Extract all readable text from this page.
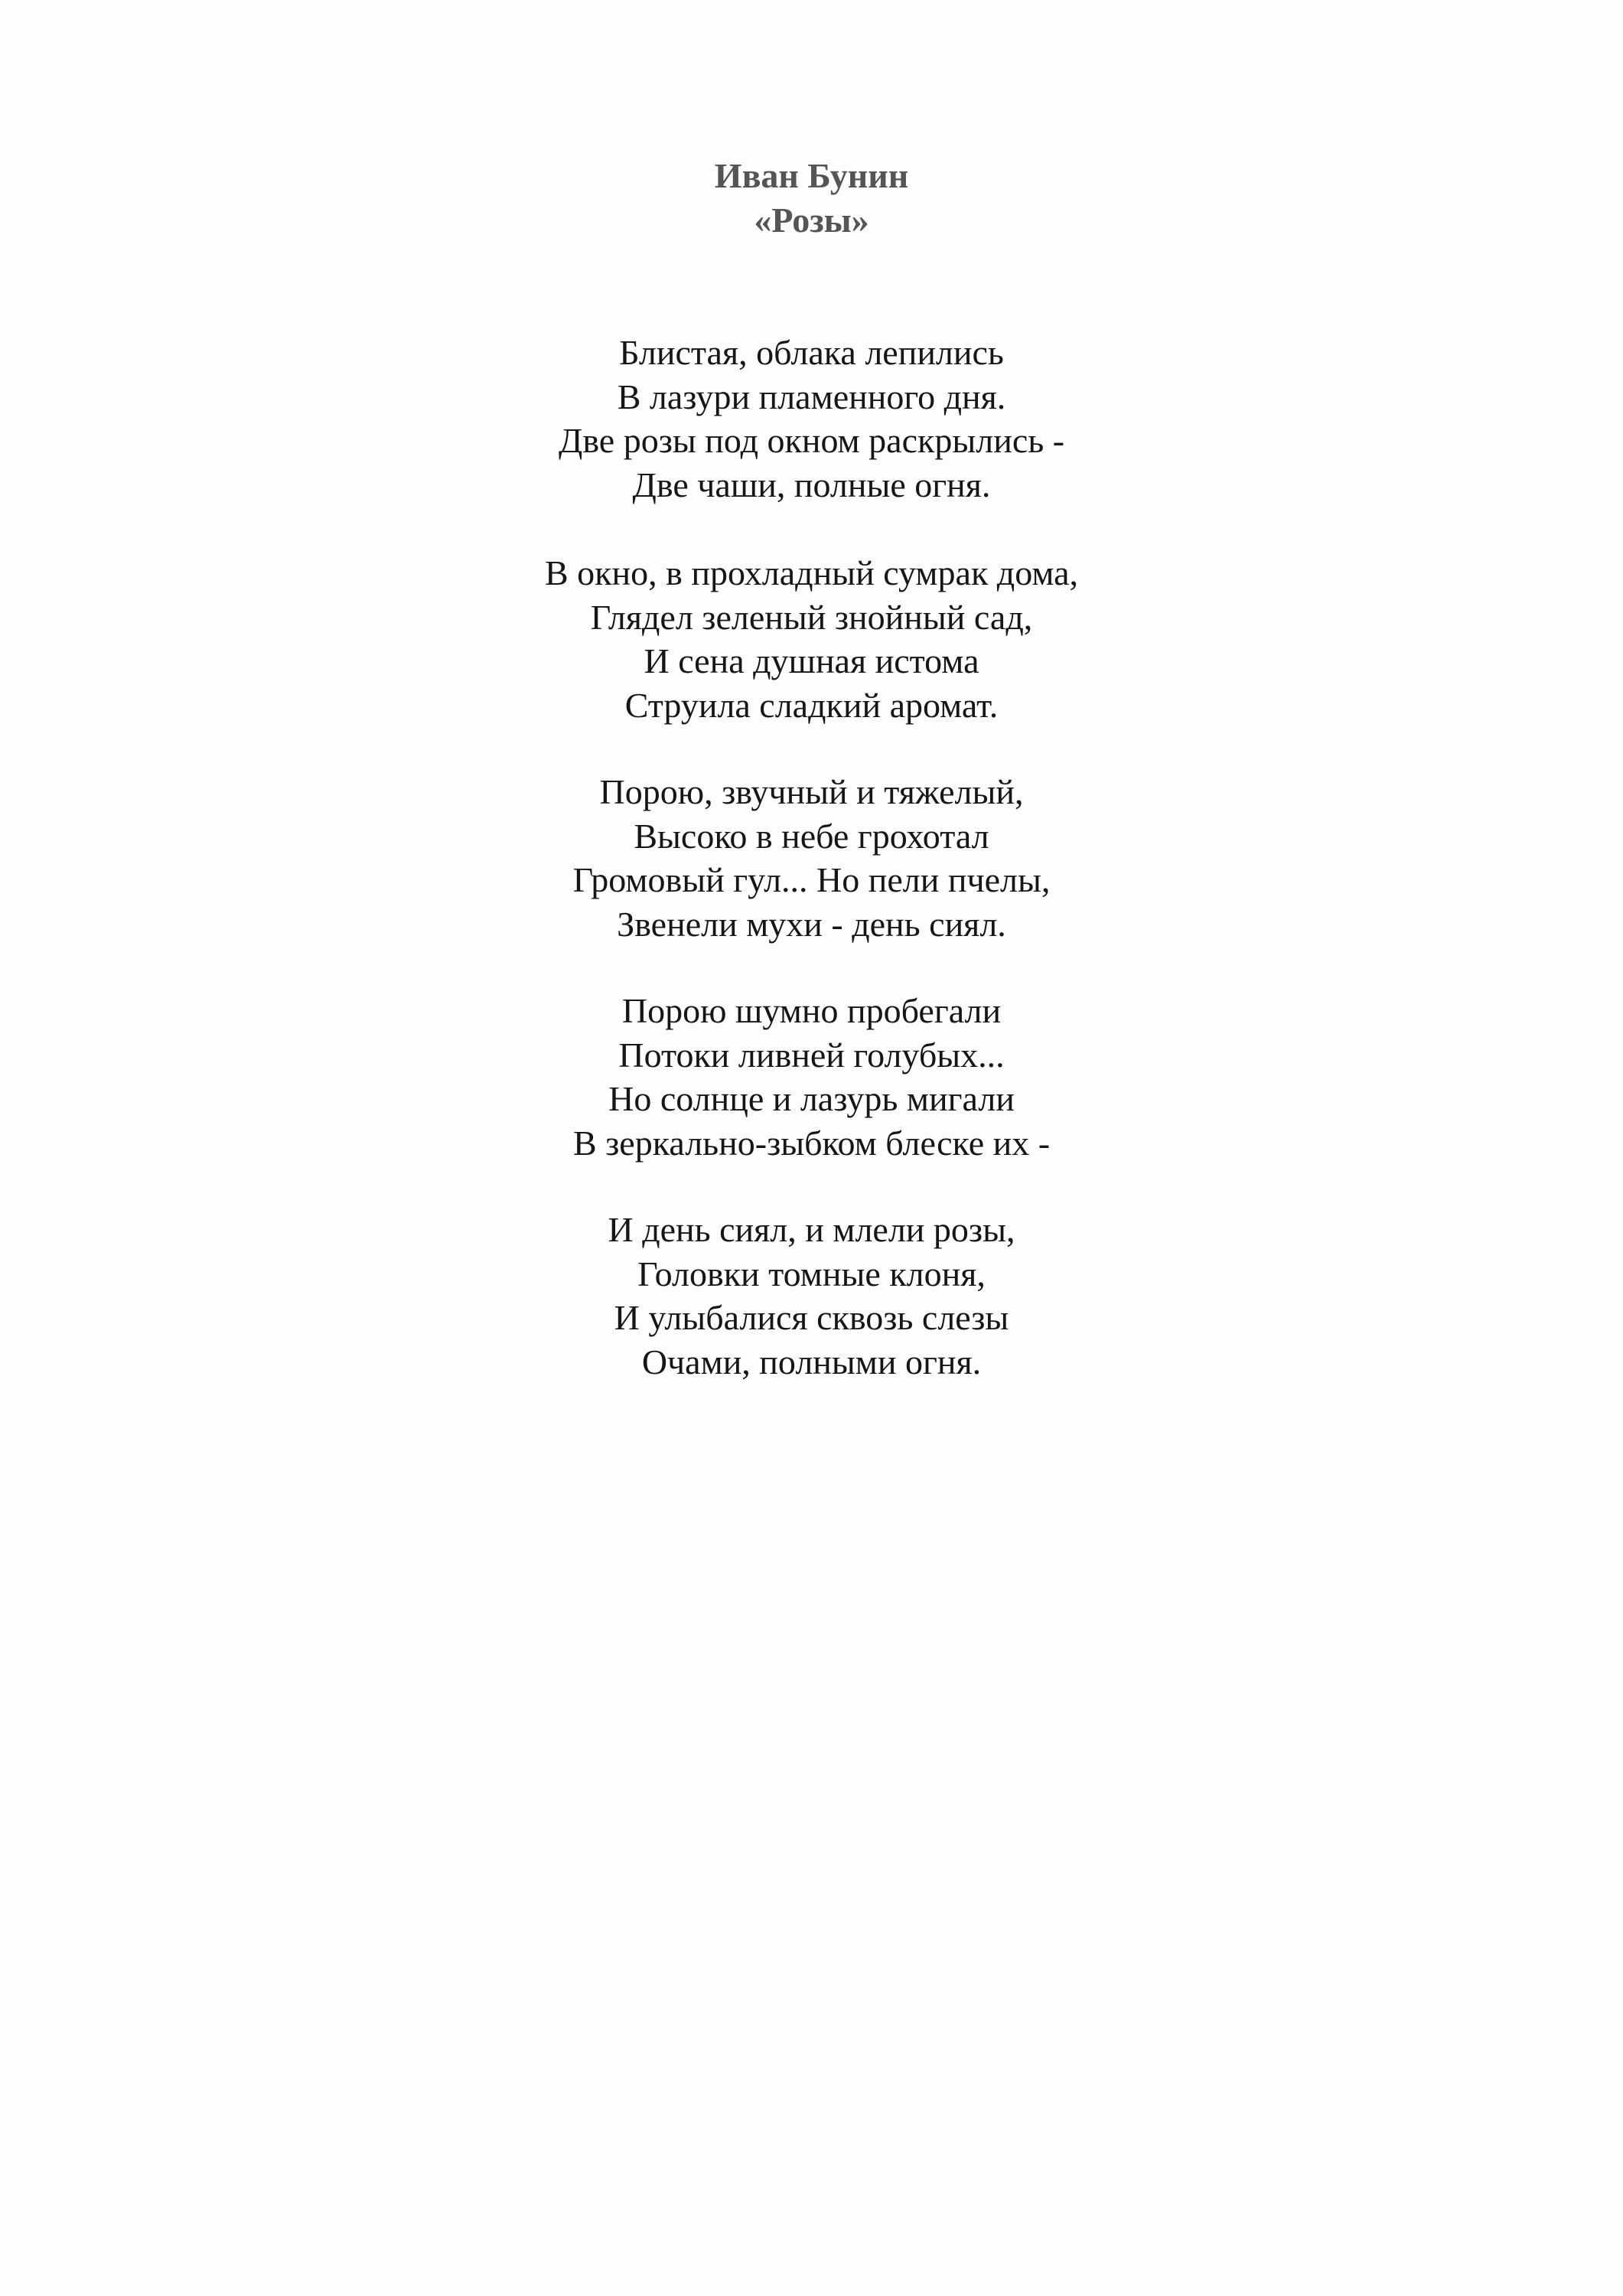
Иван Бунин
«Розы»
Блистая, облака лепились
В лазури пламенного дня.
Две розы под окном раскрылись -
Две чаши, полные огня.
В окно, в прохладный сумрак дома,
Глядел зеленый знойный сад,
И сена душная истома
Струила сладкий аромат.
Порою, звучный и тяжелый,
Высоко в небе грохотал
Громовый гул... Но пели пчелы,
Звенели мухи - день сиял.
Порою шумно пробегали
Потоки ливней голубых...
Но солнце и лазурь мигали
В зеркально-зыбком блеске их -
И день сиял, и млели розы,
Головки томные клоня,
И улыбалися сквозь слезы
Очами, полными огня.
